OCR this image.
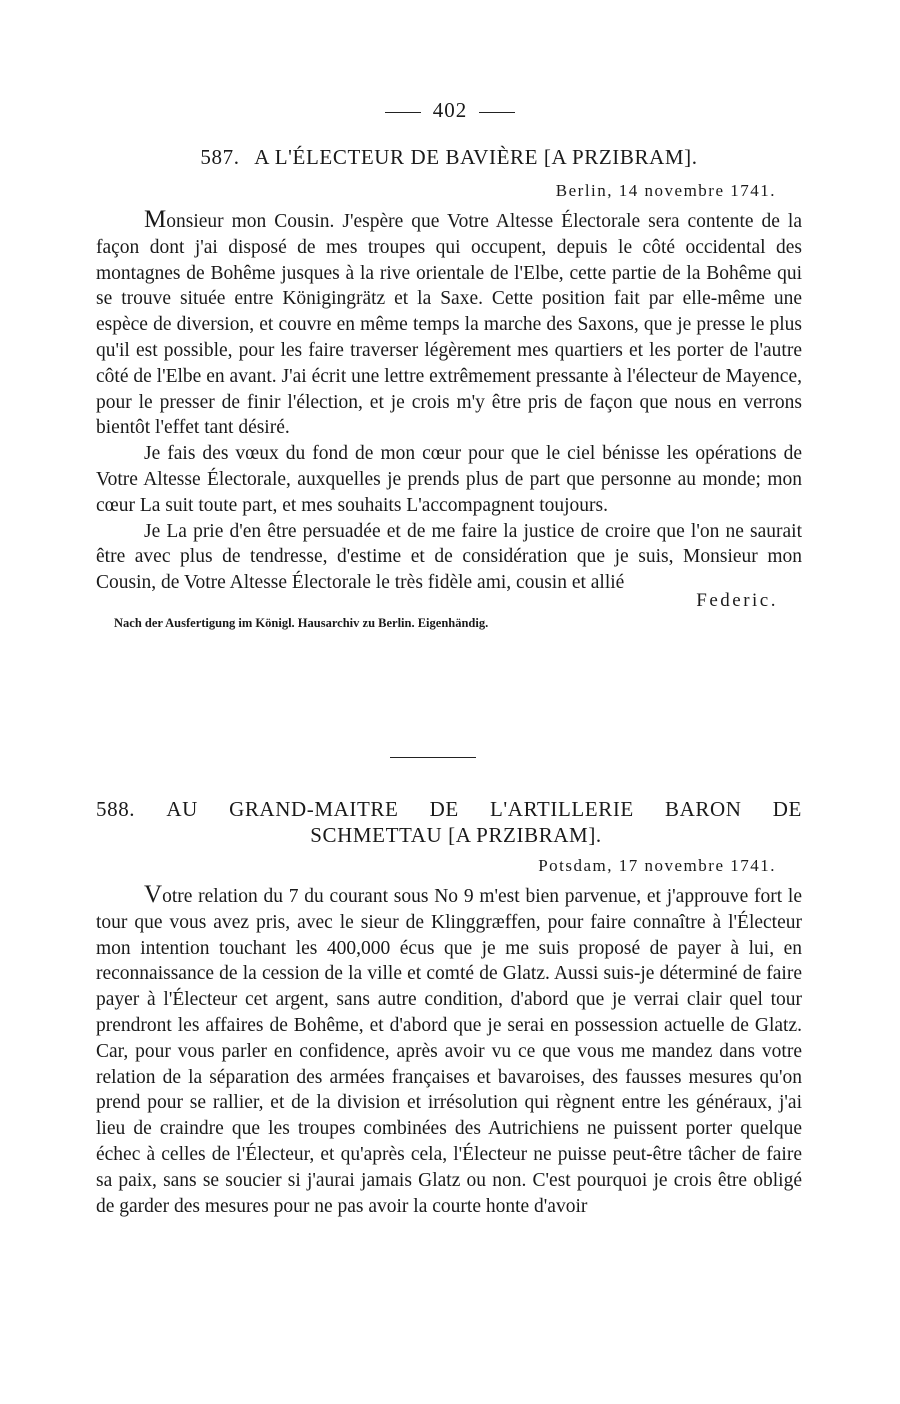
402
587. A L'ÉLECTEUR DE BAVIÈRE [A PRZIBRAM].
Berlin, 14 novembre 1741.

Monsieur mon Cousin. J'espère que Votre Altesse Électorale sera contente de la façon dont j'ai disposé de mes troupes qui occupent, depuis le côté occidental des montagnes de Bohême jusques à la rive orientale de l'Elbe, cette partie de la Bohême qui se trouve située entre Königingrätz et la Saxe. Cette position fait par elle-même une espèce de diversion, et couvre en même temps la marche des Saxons, que je presse le plus qu'il est possible, pour les faire traverser légèrement mes quartiers et les porter de l'autre côté de l'Elbe en avant. J'ai écrit une lettre extrêmement pressante à l'électeur de Mayence, pour le presser de finir l'élection, et je crois m'y être pris de façon que nous en verrons bientôt l'effet tant désiré.

Je fais des vœux du fond de mon cœur pour que le ciel bénisse les opérations de Votre Altesse Électorale, auxquelles je prends plus de part que personne au monde; mon cœur La suit toute part, et mes souhaits L'accompagnent toujours.

Je La prie d'en être persuadée et de me faire la justice de croire que l'on ne saurait être avec plus de tendresse, d'estime et de considération que je suis, Monsieur mon Cousin, de Votre Altesse Électorale le très fidèle ami, cousin et allié

Federic.
Nach der Ausfertigung im Königl. Hausarchiv zu Berlin. Eigenhändig.
588. AU GRAND-MAITRE DE L'ARTILLERIE BARON DE
SCHMETTAU [A PRZIBRAM].
Potsdam, 17 novembre 1741.

Votre relation du 7 du courant sous No 9 m'est bien parvenue, et j'approuve fort le tour que vous avez pris, avec le sieur de Klinggræffen, pour faire connaître à l'Électeur mon intention touchant les 400,000 écus que je me suis proposé de payer à lui, en reconnaissance de la cession de la ville et comté de Glatz. Aussi suis-je déterminé de faire payer à l'Électeur cet argent, sans autre condition, d'abord que je verrai clair quel tour prendront les affaires de Bohême, et d'abord que je serai en possession actuelle de Glatz. Car, pour vous parler en confidence, après avoir vu ce que vous me mandez dans votre relation de la séparation des armées françaises et bavaroises, des fausses mesures qu'on prend pour se rallier, et de la division et irrésolution qui règnent entre les généraux, j'ai lieu de craindre que les troupes combinées des Autrichiens ne puissent porter quelque échec à celles de l'Électeur, et qu'après cela, l'Électeur ne puisse peut-être tâcher de faire sa paix, sans se soucier si j'aurai jamais Glatz ou non. C'est pourquoi je crois être obligé de garder des mesures pour ne pas avoir la courte honte d'avoir
